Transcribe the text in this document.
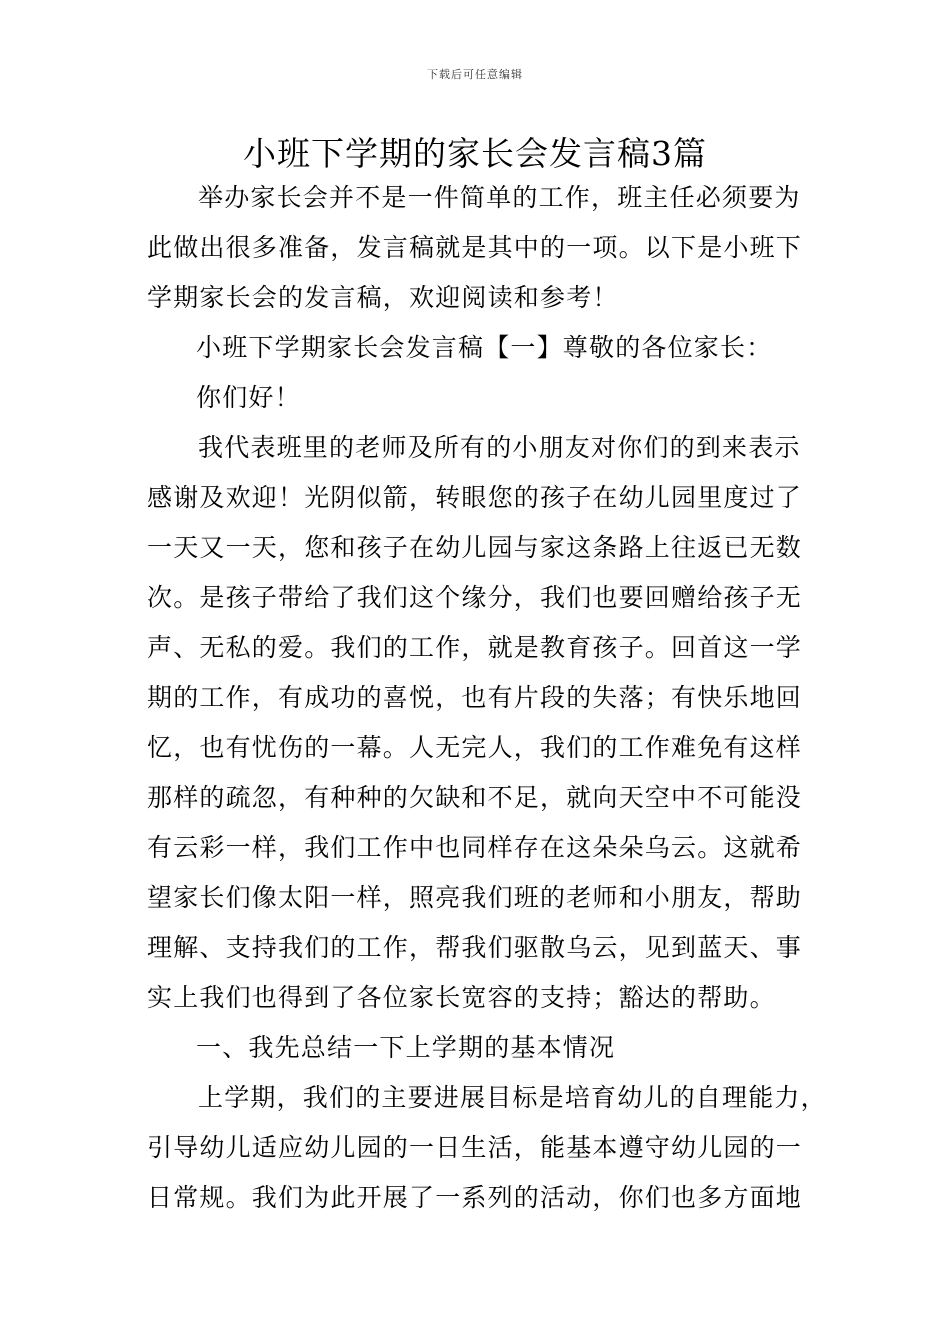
下载后可任意编辑
小班下学期的家长会发言稿3篇
举办家长会并不是一件简单的工作，班主任必须要为
此做出很多准备，发言稿就是其中的一项。以下是小班下
学期家长会的发言稿，欢迎阅读和参考！
小班下学期家长会发言稿【一】尊敬的各位家长：
你们好！
我代表班里的老师及所有的小朋友对你们的到来表示
感谢及欢迎！光阴似箭，转眼您的孩子在幼儿园里度过了
一天又一天，您和孩子在幼儿园与家这条路上往返已无数
次。是孩子带给了我们这个缘分，我们也要回赠给孩子无
声、无私的爱。我们的工作，就是教育孩子。回首这一学
期的工作，有成功的喜悦，也有片段的失落；有快乐地回
忆，也有忧伤的一幕。人无完人，我们的工作难免有这样
那样的疏忽，有种种的欠缺和不足，就向天空中不可能没
有云彩一样，我们工作中也同样存在这朵朵乌云。这就希
望家长们像太阳一样，照亮我们班的老师和小朋友，帮助
理解、支持我们的工作，帮我们驱散乌云，见到蓝天、事
实上我们也得到了各位家长宽容的支持；豁达的帮助。
一、我先总结一下上学期的基本情况
上学期，我们的主要进展目标是培育幼儿的自理能力，
引导幼儿适应幼儿园的一日生活，能基本遵守幼儿园的一
日常规。我们为此开展了一系列的活动，你们也多方面地
